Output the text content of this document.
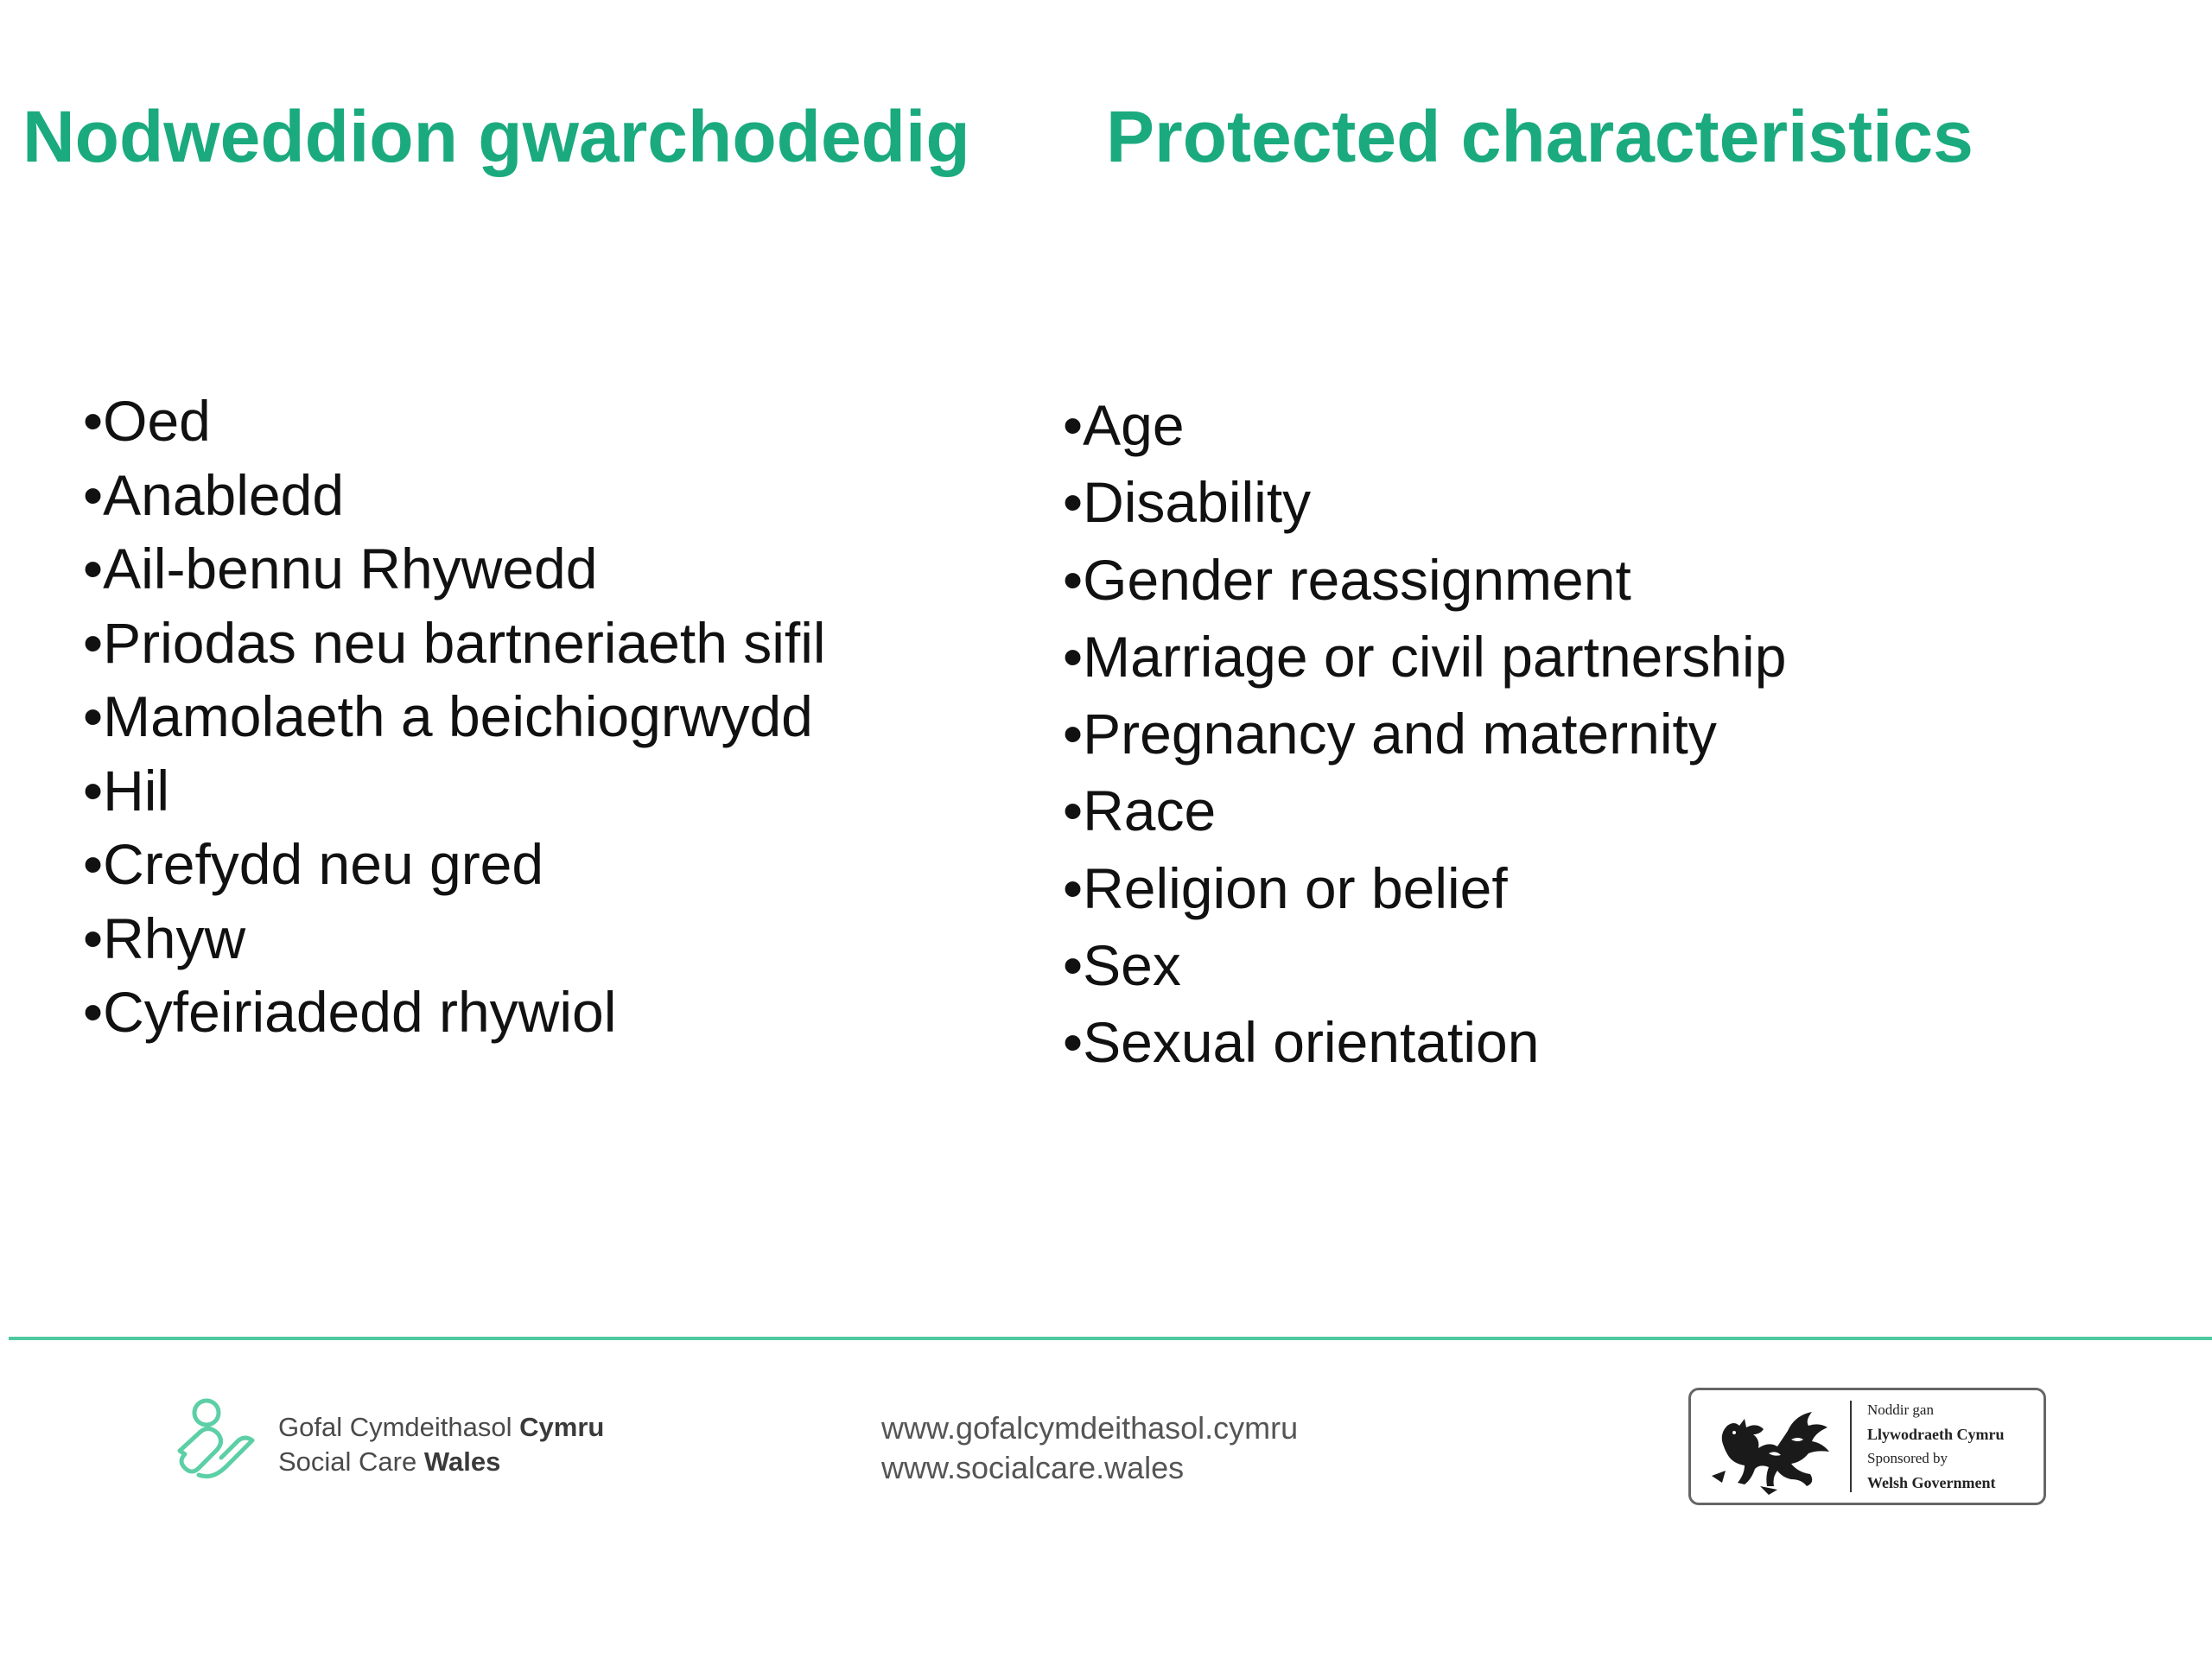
Nodweddion gwarchodedig Protected characteristics
• Oed
• Anabledd
• Ail-bennu Rhywedd
• Priodas neu bartneriaeth sifil
• Mamolaeth a beichiogrwydd
• Hil
• Crefydd neu gred
• Rhyw
• Cyfeiriadedd rhywiol
• Age
• Disability
• Gender reassignment
• Marriage or civil partnership
• Pregnancy and maternity
• Race
• Religion or belief
• Sex
• Sexual orientation
Gofal Cymdeithasol Cymru
Social Care Wales
www.gofalcymdeithasol.cymru
www.socialcare.wales
Noddir gan
Llywodraeth Cymru
Sponsored by
Welsh Government
